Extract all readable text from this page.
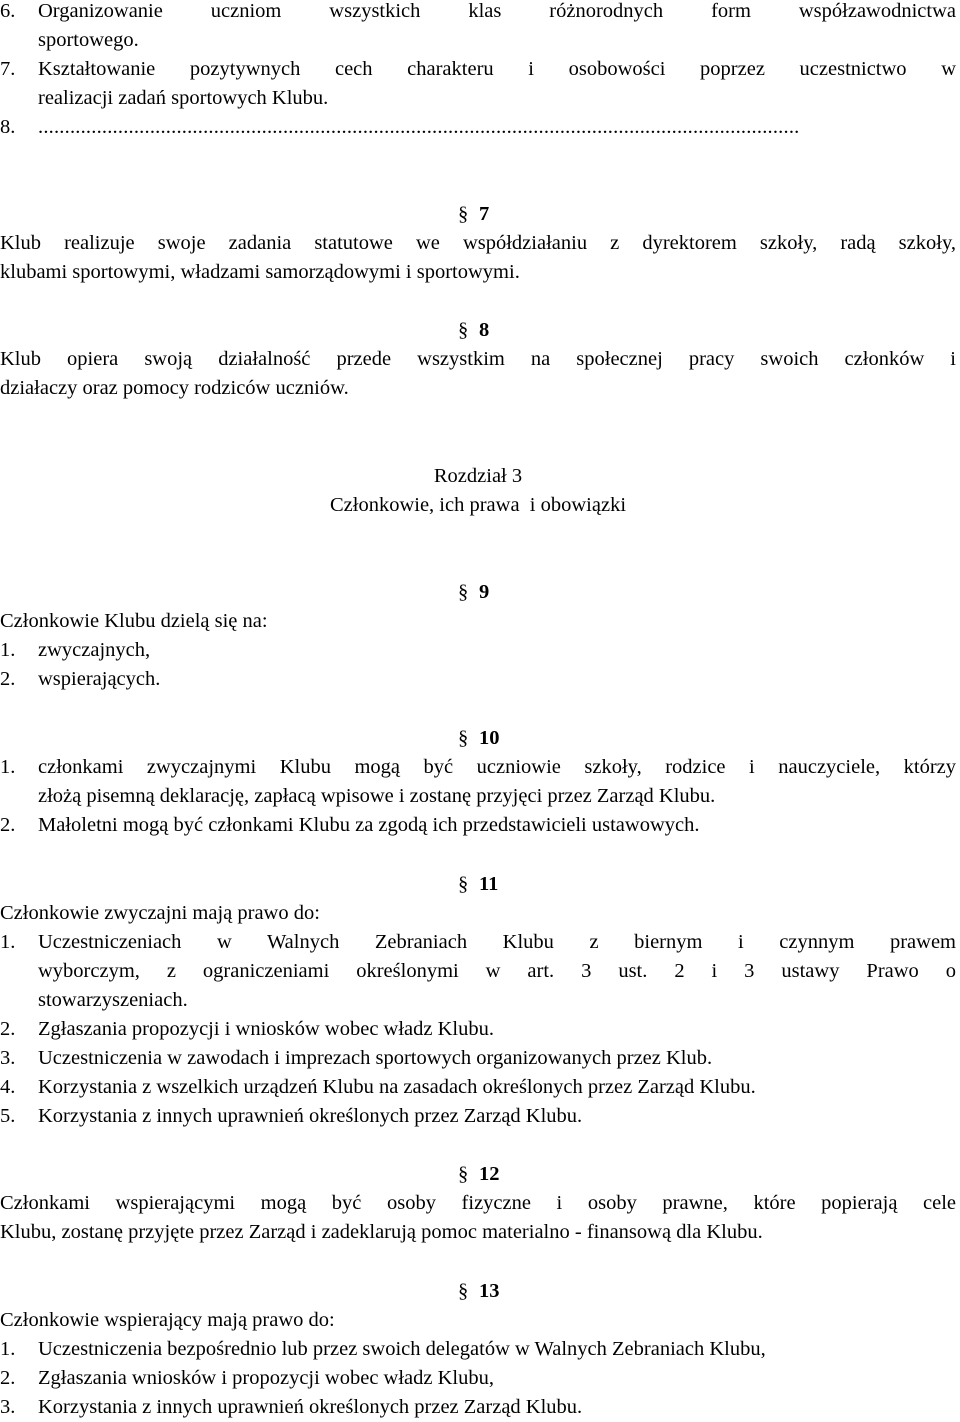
6. Organizowanie uczniom wszystkich klas różnorodnych form współzawodnictwa
sportowego.
7. Kształtowanie pozytywnych cech charakteru i osobowości poprzez uczestnictwo w
realizacji zadań sportowych Klubu.
8. ...............................................................................................................................................
§ 7
Klub realizuje swoje zadania statutowe we współdziałaniu z dyrektorem szkoły, radą szkoły,
klubami sportowymi, władzami samorządowymi i sportowymi.
§ 8
Klub opiera swoją działalność przede wszystkim na społecznej pracy swoich członków i
działaczy oraz pomocy rodziców uczniów.
Rozdział 3
Członkowie, ich prawa  i obowiązki
§ 9
Członkowie Klubu dzielą się na:
1. zwyczajnych,
2. wspierających.
§ 10
1. członkami zwyczajnymi Klubu mogą być uczniowie szkoły, rodzice i nauczyciele, którzy
złożą pisemną deklarację, zapłacą wpisowe i zostanę przyjęci przez Zarząd Klubu.
2. Małoletni mogą być członkami Klubu za zgodą ich przedstawicieli ustawowych.
§ 11
Członkowie zwyczajni mają prawo do:
1. Uczestniczeniach w Walnych Zebraniach Klubu z biernym i czynnym prawem
wyborczym, z ograniczeniami określonymi w art. 3 ust. 2 i 3 ustawy Prawo o
stowarzyszeniach.
2. Zgłaszania propozycji i wniosków wobec władz Klubu.
3. Uczestniczenia w zawodach i imprezach sportowych organizowanych przez Klub.
4. Korzystania z wszelkich urządzeń Klubu na zasadach określonych przez Zarząd Klubu.
5. Korzystania z innych uprawnień określonych przez Zarząd Klubu.
§ 12
Członkami wspierającymi mogą być osoby fizyczne i osoby prawne, które popierają cele
Klubu, zostanę przyjęte przez Zarząd i zadeklarują pomoc materialno - finansową dla Klubu.
§ 13
Członkowie wspierający mają prawo do:
1. Uczestniczenia bezpośrednio lub przez swoich delegatów w Walnych Zebraniach Klubu,
2. Zgłaszania wniosków i propozycji wobec władz Klubu,
3. Korzystania z innych uprawnień określonych przez Zarząd Klubu.
